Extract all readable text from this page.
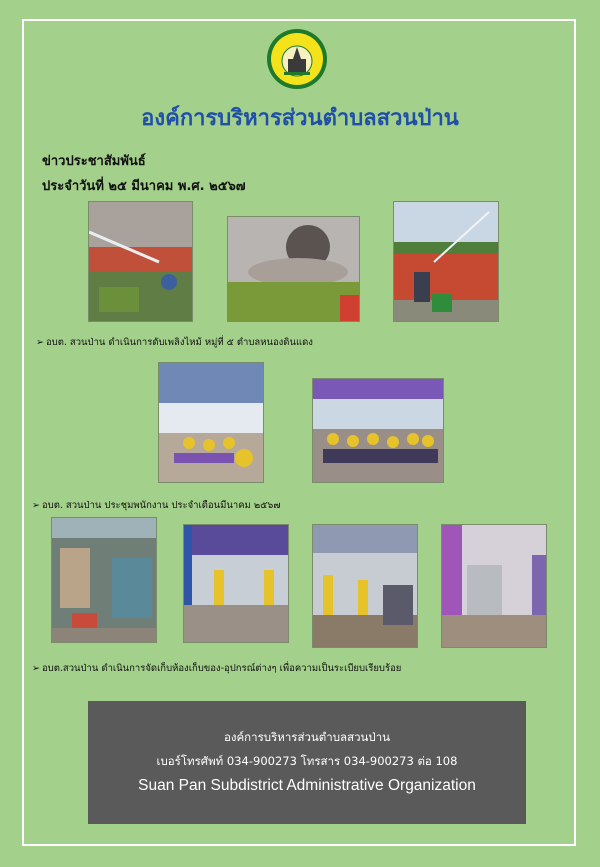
องค์การบริหารส่วนตำบลสวนป่าน
ข่าวประชาสัมพันธ์
ประจำวันที่ ๒๕ มีนาคม พ.ศ. ๒๕๖๗
➢ อบต. สวนป่าน ดำเนินการดับเพลิงไหม้ หมู่ที่ ๕ ตำบลหนองดินแดง
➢ อบต. สวนป่าน ประชุมพนักงาน ประจำเดือนมีนาคม ๒๕๖๗
➢ อบต.สวนป่าน ดำเนินการจัดเก็บห้องเก็บของ-อุปกรณ์ต่างๆ เพื่อความเป็นระเบียบเรียบร้อย
องค์การบริหารส่วนตำบลสวนป่าน
เบอร์โทรศัพท์ 034-900273 โทรสาร 034-900273 ต่อ 108
Suan Pan Subdistrict Administrative Organization
